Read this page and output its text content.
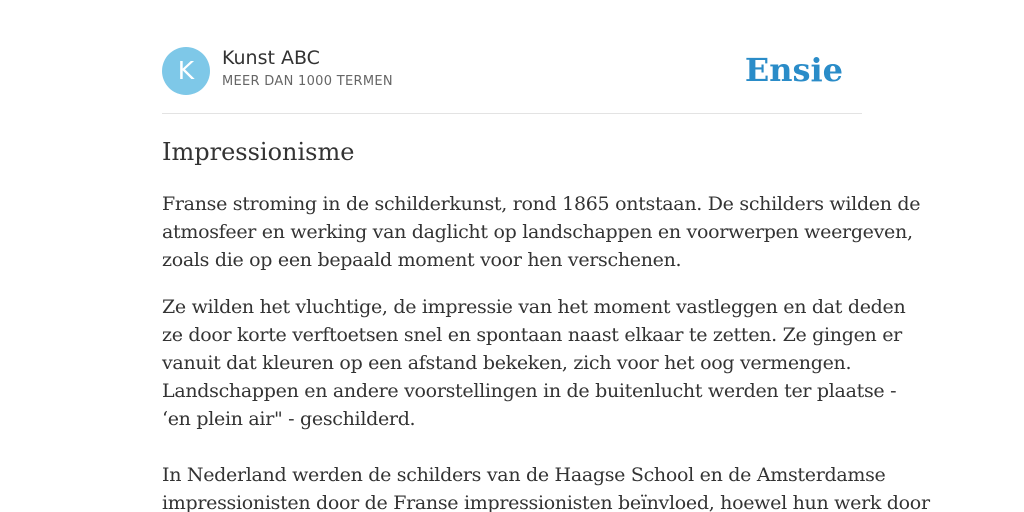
K	Kunst ABC
MEER DAN 1000 TERMEN	Ensie
Impressionisme

Franse stroming in de schilderkunst, rond 1865 ontstaan. De schilders wilden de
atmosfeer en werking van daglicht op landschappen en voorwerpen weergeven,
zoals die op een bepaald moment voor hen verschenen.

Ze wilden het vluchtige, de impressie van het moment vastleggen en dat deden
ze door korte verftoetsen snel en spontaan naast elkaar te zetten. Ze gingen er
vanuit dat kleuren op een afstand bekeken, zich voor het oog vermengen.
Landschappen en andere voorstellingen in de buitenlucht werden ter plaatse -
‘en plein air" - geschilderd.

In Nederland werden de schilders van de Haagse School en de Amsterdamse
impressionisten door de Franse impressionisten beïnvloed, hoewel hun werk door
